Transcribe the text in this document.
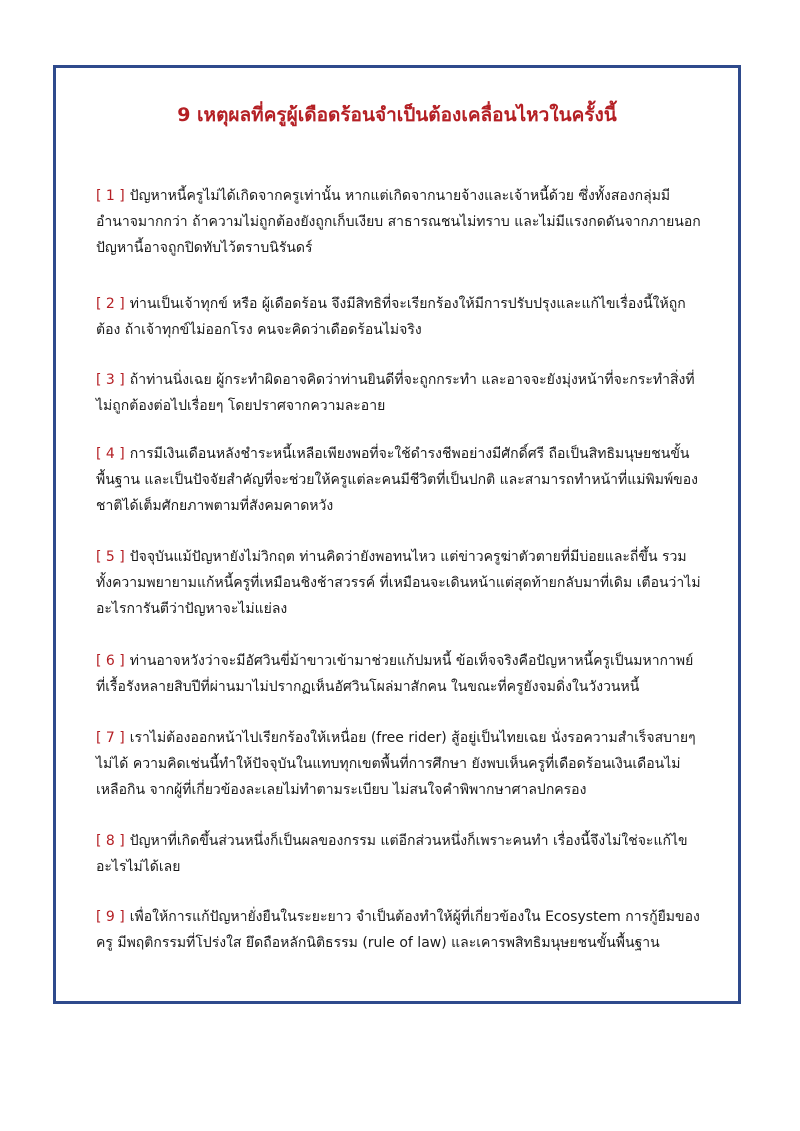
9 เหตุผลที่ครูผู้เดือดร้อนจำเป็นต้องเคลื่อนไหวในครั้งนี้
[ 1 ] ปัญหาหนี้ครูไม่ได้เกิดจากครูเท่านั้น หากแต่เกิดจากนายจ้างและเจ้าหนี้ด้วย ซึ่งทั้งสองกลุ่มมีอำนาจมากกว่า ถ้าความไม่ถูกต้องยังถูกเก็บเงียบ สาธารณชนไม่ทราบ และไม่มีแรงกดดันจากภายนอก ปัญหานี้อาจถูกปิดทับไว้ตราบนิรันดร์
[ 2 ] ท่านเป็นเจ้าทุกข์ หรือ ผู้เดือดร้อน จึงมีสิทธิที่จะเรียกร้องให้มีการปรับปรุงและแก้ไขเรื่องนี้ให้ถูกต้อง ถ้าเจ้าทุกข์ไม่ออกโรง คนจะคิดว่าเดือดร้อนไม่จริง
[ 3 ] ถ้าท่านนิ่งเฉย ผู้กระทำผิดอาจคิดว่าท่านยินดีที่จะถูกกระทำ และอาจจะยังมุ่งหน้าที่จะกระทำสิ่งที่ไม่ถูกต้องต่อไปเรื่อยๆ โดยปราศจากความละอาย
[ 4 ] การมีเงินเดือนหลังชำระหนี้เหลือเพียงพอที่จะใช้ดำรงชีพอย่างมีศักดิ์ศรี ถือเป็นสิทธิมนุษยชนขั้นพื้นฐาน และเป็นปัจจัยสำคัญที่จะช่วยให้ครูแต่ละคนมีชีวิตที่เป็นปกติ และสามารถทำหน้าที่แม่พิมพ์ของชาติได้เต็มศักยภาพตามที่สังคมคาดหวัง
[ 5 ] ปัจจุบันแม้ปัญหายังไม่วิกฤต ท่านคิดว่ายังพอทนไหว แต่ข่าวครูฆ่าตัวตายที่มีบ่อยและถี่ขึ้น รวมทั้งความพยายามแก้หนี้ครูที่เหมือนชิงช้าสวรรค์ ที่เหมือนจะเดินหน้าแต่สุดท้ายกลับมาที่เดิม เตือนว่าไม่อะไรการันตีว่าปัญหาจะไม่แย่ลง
[ 6 ] ท่านอาจหวังว่าจะมีอัศวินขี่ม้าขาวเข้ามาช่วยแก้ปมหนี้ ข้อเท็จจริงคือปัญหาหนี้ครูเป็นมหากาพย์ที่เรื้อรังหลายสิบปีที่ผ่านมาไม่ปรากฏเห็นอัศวินโผล่มาสักคน ในขณะที่ครูยังจมดิ่งในวังวนหนี้
[ 7 ] เราไม่ต้องออกหน้าไปเรียกร้องให้เหนื่อย (free rider) สู้อยู่เป็นไทยเฉย นั่งรอความสำเร็จสบายๆไม่ได้ ความคิดเช่นนี้ทำให้ปัจจุบันในแทบทุกเขตพื้นที่การศึกษา ยังพบเห็นครูที่เดือดร้อนเงินเดือนไม่เหลือกิน จากผู้ที่เกี่ยวข้องละเลยไม่ทำตามระเบียบ ไม่สนใจคำพิพากษาศาลปกครอง
[ 8 ] ปัญหาที่เกิดขึ้นส่วนหนึ่งก็เป็นผลของกรรม แต่อีกส่วนหนึ่งก็เพราะคนทำ เรื่องนี้จึงไม่ใช่จะแก้ไขอะไรไม่ได้เลย
[ 9 ] เพื่อให้การแก้ปัญหายั่งยืนในระยะยาว จำเป็นต้องทำให้ผู้ที่เกี่ยวข้องใน Ecosystem การกู้ยืมของครู มีพฤติกรรมที่โปร่งใส ยึดถือหลักนิติธรรม (rule of law) และเคารพสิทธิมนุษยชนขั้นพื้นฐาน
